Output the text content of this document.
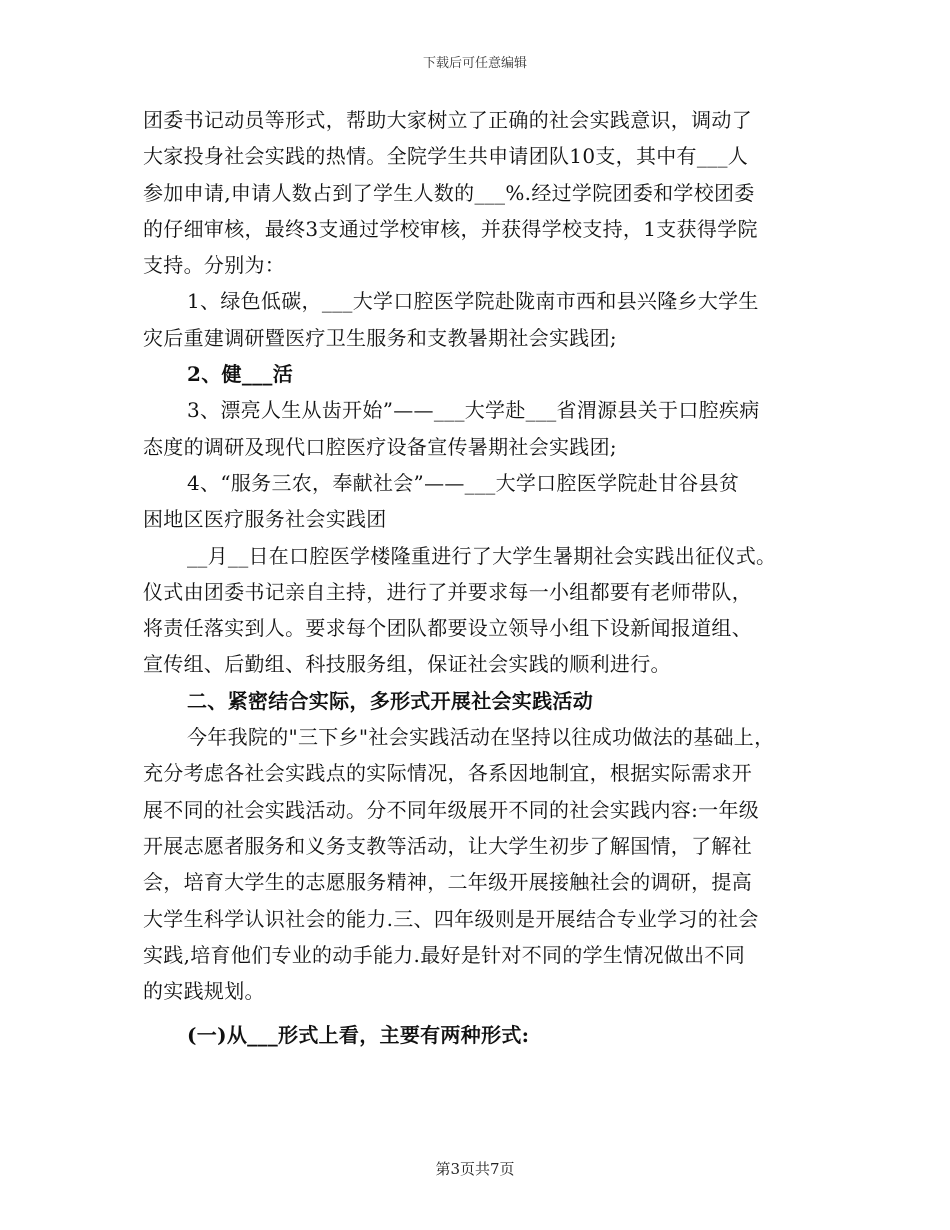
下载后可任意编辑
团委书记动员等形式，帮助大家树立了正确的社会实践意识，调动了
大家投身社会实践的热情。全院学生共申请团队10支，其中有___人
参加申请,申请人数占到了学生人数的___%.经过学院团委和学校团委
的仔细审核，最终3支通过学校审核，并获得学校支持，1支获得学院
支持。分别为：
1、绿色低碳，___大学口腔医学院赴陇南市西和县兴隆乡大学生
灾后重建调研暨医疗卫生服务和支教暑期社会实践团;
2、健___活
3、漂亮人生从齿开始”——___大学赴___省渭源县关于口腔疾病
态度的调研及现代口腔医疗设备宣传暑期社会实践团;
4、“服务三农，奉献社会”——___大学口腔医学院赴甘谷县贫
困地区医疗服务社会实践团
__月__日在口腔医学楼隆重进行了大学生暑期社会实践出征仪式。
仪式由团委书记亲自主持，进行了并要求每一小组都要有老师带队，
将责任落实到人。要求每个团队都要设立领导小组下设新闻报道组、
宣传组、后勤组、科技服务组，保证社会实践的顺利进行。
二、紧密结合实际，多形式开展社会实践活动
今年我院的"三下乡"社会实践活动在坚持以往成功做法的基础上，
充分考虑各社会实践点的实际情况，各系因地制宜，根据实际需求开
展不同的社会实践活动。分不同年级展开不同的社会实践内容:一年级
开展志愿者服务和义务支教等活动，让大学生初步了解国情，了解社
会，培育大学生的志愿服务精神，二年级开展接触社会的调研，提高
大学生科学认识社会的能力.三、四年级则是开展结合专业学习的社会
实践,培育他们专业的动手能力.最好是针对不同的学生情况做出不同
的实践规划。
(一)从___形式上看，主要有两种形式:
第3页共7页
